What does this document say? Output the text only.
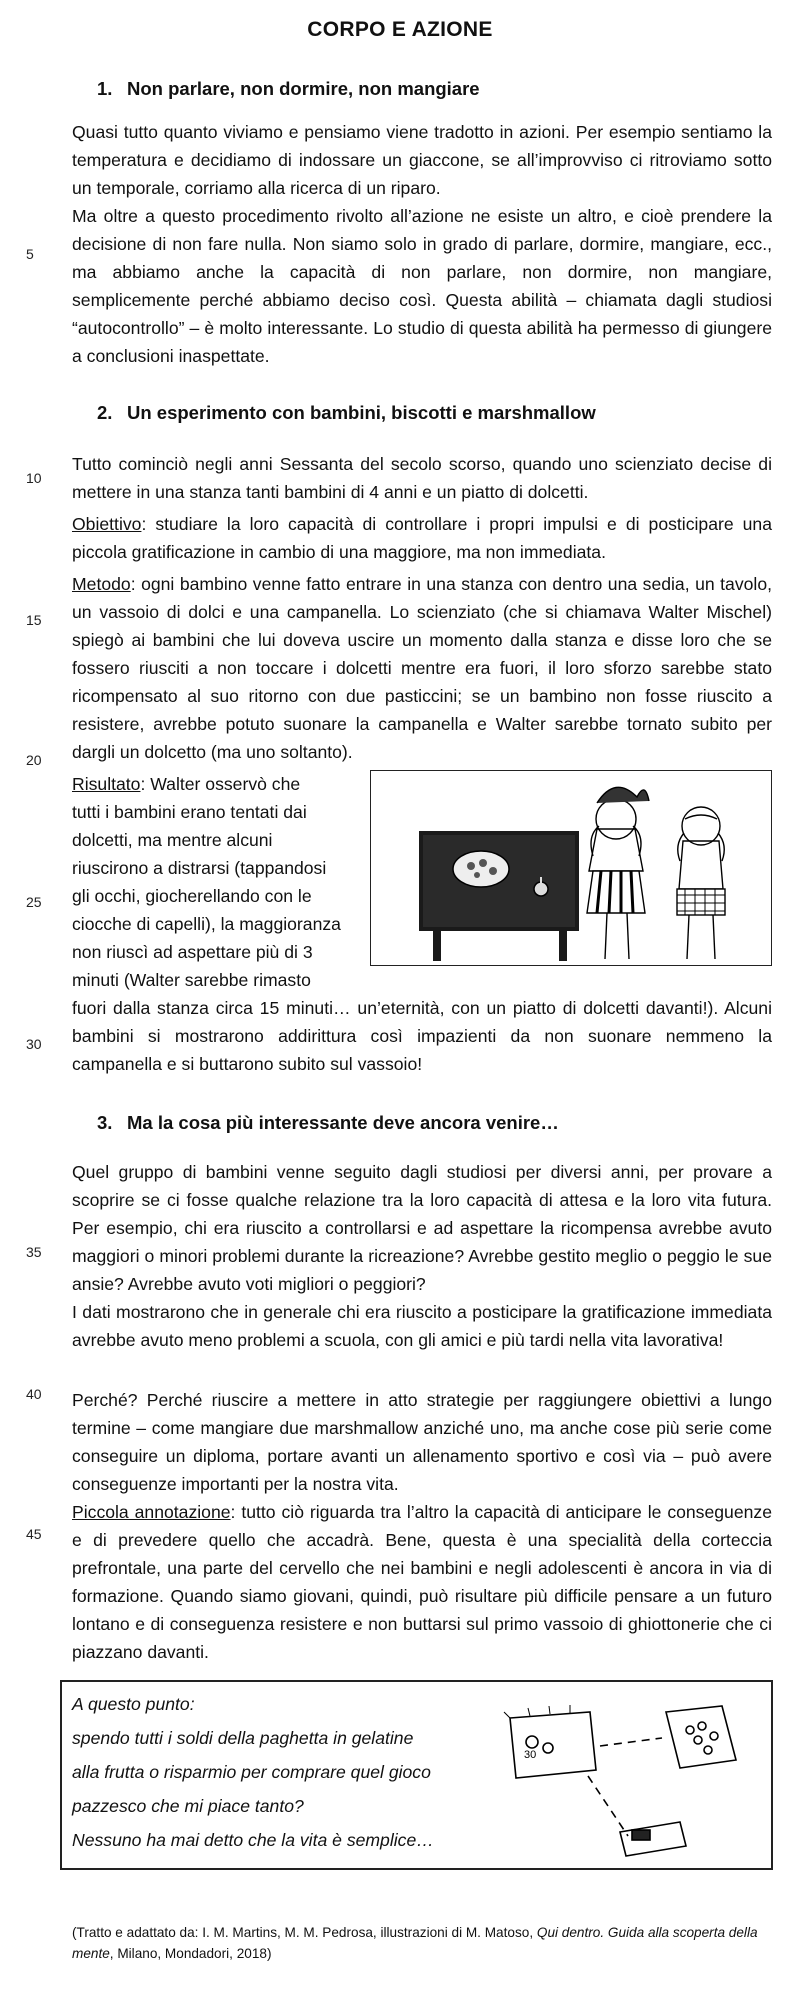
CORPO E AZIONE
1. Non parlare, non dormire, non mangiare

Quasi tutto quanto viviamo e pensiamo viene tradotto in azioni. Per esempio sentiamo la temperatura e decidiamo di indossare un giaccone, se all’improvviso ci ritroviamo sotto un temporale, corriamo alla ricerca di un riparo.

Ma oltre a questo procedimento rivolto all’azione ne esiste un altro, e cioè prendere la decisione di non fare nulla. Non siamo solo in grado di parlare, dormire, mangiare, ecc., ma abbiamo anche la capacità di non parlare, non dormire, non mangiare, semplicemente perché abbiamo deciso così. Questa abilità – chiamata dagli studiosi “autocontrollo” – è molto interessante. Lo studio di questa abilità ha permesso di giungere a conclusioni inaspettate.

2. Un esperimento con bambini, biscotti e marshmallow

Tutto cominciò negli anni Sessanta del secolo scorso, quando uno scienziato decise di mettere in una stanza tanti bambini di 4 anni e un piatto di dolcetti.

Obiettivo: studiare la loro capacità di controllare i propri impulsi e di posticipare una piccola gratificazione in cambio di una maggiore, ma non immediata.

Metodo: ogni bambino venne fatto entrare in una stanza con dentro una sedia, un tavolo, un vassoio di dolci e una campanella. Lo scienziato (che si chiamava Walter Mischel) spiegò ai bambini che lui doveva uscire un momento dalla stanza e disse loro che se fossero riusciti a non toccare i dolcetti mentre era fuori, il loro sforzo sarebbe stato ricompensato al suo ritorno con due pasticcini; se un bambino non fosse riuscito a resistere, avrebbe potuto suonare la campanella e Walter sarebbe tornato subito per dargli un dolcetto (ma uno soltanto).

Risultato: Walter osservò che
tutti i bambini erano tentati dai
dolcetti, ma mentre alcuni
riuscirono a distrarsi (tappandosi
gli occhi, giocherellando con le
ciocche di capelli), la maggioranza
non riuscì ad aspettare più di 3
minuti (Walter sarebbe rimasto

fuori dalla stanza circa 15 minuti… un’eternità, con un piatto di dolcetti davanti!). Alcuni bambini si mostrarono addirittura così impazienti da non suonare nemmeno la campanella e si buttarono subito sul vassoio!

3. Ma la cosa più interessante deve ancora venire…

Quel gruppo di bambini venne seguito dagli studiosi per diversi anni, per provare a scoprire se ci fosse qualche relazione tra la loro capacità di attesa e la loro vita futura. Per esempio, chi era riuscito a controllarsi e ad aspettare la ricompensa avrebbe avuto maggiori o minori problemi durante la ricreazione? Avrebbe gestito meglio o peggio le sue ansie? Avrebbe avuto voti migliori o peggiori?

I dati mostrarono che in generale chi era riuscito a posticipare la gratificazione immediata avrebbe avuto meno problemi a scuola, con gli amici e più tardi nella vita lavorativa!

Perché? Perché riuscire a mettere in atto strategie per raggiungere obiettivi a lungo termine – come mangiare due marshmallow anziché uno, ma anche cose più serie come conseguire un diploma, portare avanti un allenamento sportivo e così via – può avere conseguenze importanti per la nostra vita.

Piccola annotazione: tutto ciò riguarda tra l’altro la capacità di anticipare le conseguenze e di prevedere quello che accadrà. Bene, questa è una specialità della corteccia prefrontale, una parte del cervello che nei bambini e negli adolescenti è ancora in via di formazione. Quando siamo giovani, quindi, può risultare più difficile pensare a un futuro lontano e di conseguenza resistere e non buttarsi sul primo vassoio di ghiottonerie che ci piazzano davanti.

5
10
15
20
25
30
35
40
45
A questo punto:
spendo tutti i soldi della paghetta in gelatine
alla frutta o risparmio per comprare quel gioco
pazzesco che mi piace tanto?
Nessuno ha mai detto che la vita è semplice…
30
(Tratto e adattato da: I. M. Martins, M. M. Pedrosa, illustrazioni di M. Matoso, Qui dentro. Guida alla scoperta della mente, Milano, Mondadori, 2018)
